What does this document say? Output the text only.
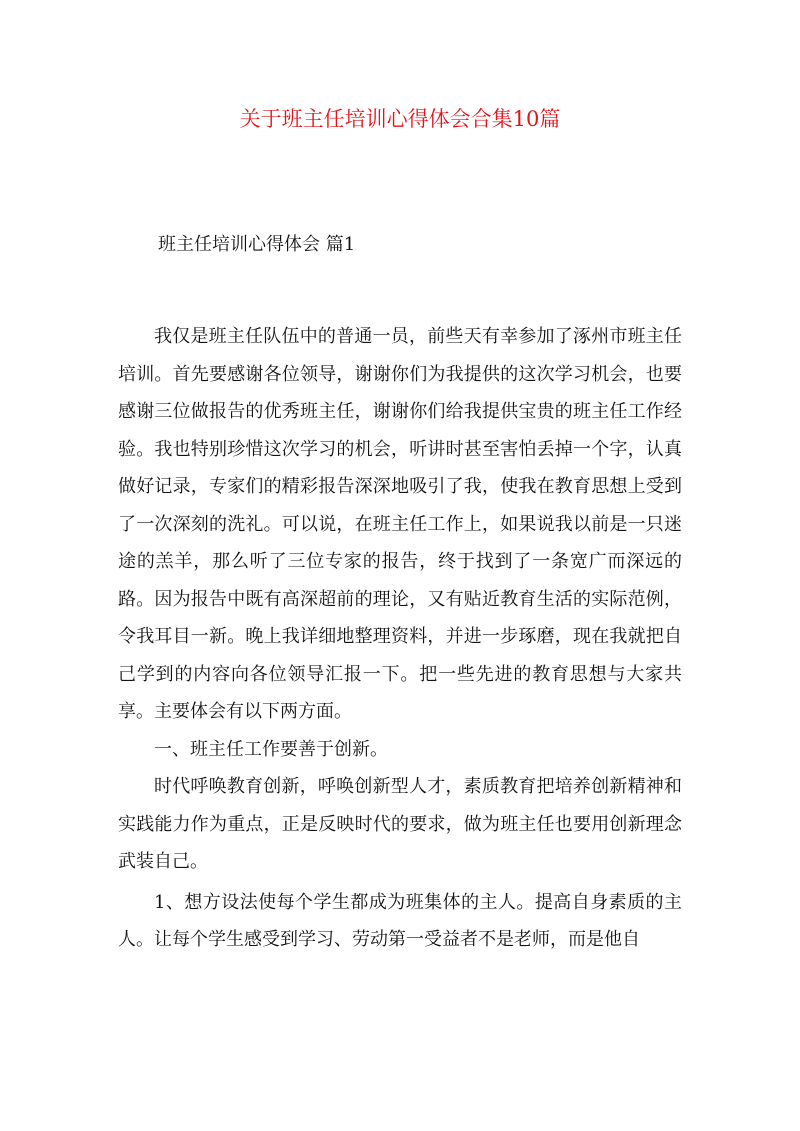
关于班主任培训心得体会合集10篇
班主任培训心得体会 篇1

我仅是班主任队伍中的普通一员，前些天有幸参加了涿州市班主任培训。首先要感谢各位领导，谢谢你们为我提供的这次学习机会，也要感谢三位做报告的优秀班主任，谢谢你们给我提供宝贵的班主任工作经验。我也特别珍惜这次学习的机会，听讲时甚至害怕丢掉一个字，认真做好记录，专家们的精彩报告深深地吸引了我，使我在教育思想上受到了一次深刻的洗礼。可以说，在班主任工作上，如果说我以前是一只迷途的羔羊，那么听了三位专家的报告，终于找到了一条宽广而深远的路。因为报告中既有高深超前的理论，又有贴近教育生活的实际范例，令我耳目一新。晚上我详细地整理资料，并进一步琢磨，现在我就把自己学到的内容向各位领导汇报一下。把一些先进的教育思想与大家共享。主要体会有以下两方面。

一、班主任工作要善于创新。

时代呼唤教育创新，呼唤创新型人才，素质教育把培养创新精神和实践能力作为重点，正是反映时代的要求，做为班主任也要用创新理念武装自己。

1、想方设法使每个学生都成为班集体的主人。提高自身素质的主人。让每个学生感受到学习、劳动第一受益者不是老师，而是他自
